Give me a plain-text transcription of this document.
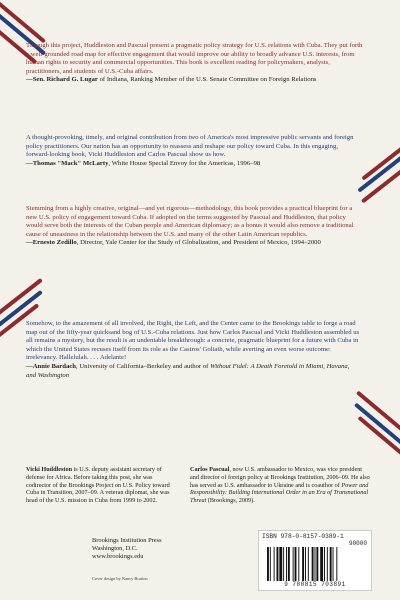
Through this project, Huddleston and Pascual present a pragmatic policy strategy for U.S. relations with Cuba. They put forth a well-grounded road map for effective engagement that would improve our ability to broadly advance U.S. interests, from human rights to security and commercial opportunities. This book is excellent reading for policymakers, analysts, practitioners, and students of U.S.-Cuba affairs.
—Sen. Richard G. Lugar of Indiana, Ranking Member of the U.S. Senate Committee on Foreign Relations
A thought-provoking, timely, and original contribution from two of America's most impressive public servants and foreign policy practitioners. Our nation has an opportunity to reassess and reshape our policy toward Cuba. In this engaging, forward-looking book, Vicki Huddleston and Carlos Pascual show us how.
—Thomas "Mack" McLarty, White House Special Envoy for the Americas, 1996–98
Stemming from a highly creative, original—and yet rigorous—methodology, this book provides a practical blueprint for a new U.S. policy of engagement toward Cuba. If adopted on the terms suggested by Pascual and Huddleston, that policy would serve both the interests of the Cuban people and American diplomacy; as a bonus it would also remove a traditional cause of uneasiness in the relationship between the U.S. and many of the other Latin American republics.
—Ernesto Zedillo, Director, Yale Center for the Study of Globalization, and President of Mexico, 1994–2000
Somehow, to the amazement of all involved, the Right, the Left, and the Center came to the Brookings table to forge a road map out of the fifty-year quicksand bog of U.S.-Cuba relations. Just how Carlos Pascual and Vicki Huddleston assembled us all remains a mystery, but the result is an undeniable breakthrough: a concrete, pragmatic blueprint for a future with Cuba in which the United States recuses itself from its role as the Castros' Goliath, while averting an even worse outcome: irrelevancy. Hallelulah. . . . Adelante!
—Annie Bardach, University of California–Berkeley and author of Without Fidel: A Death Foretold in Miami, Havana, and Washington
Vicki Huddleston is U.S. deputy assistant secretary of defense for Africa. Before taking this post, she was codirector of the Brookings Project on U.S. Policy toward Cuba in Transition, 2007–09. A veteran diplomat, she was head of the U.S. mission in Cuba from 1999 to 2002.
Carlos Pascual, now U.S. ambassador to Mexico, was vice president and director of foreign policy at Brookings Institution, 2006–09. He also has served as U.S. ambassador to Ukraine and is coauthor of Power and Responsibility: Building International Order in an Era of Transnational Threat (Brookings, 2009).
Brookings Institution Press
Washington, D.C.
www.brookings.edu
Cover design by Nancy Bratton
ISBN 978-0-8157-0389-1
90000
9 780815 703891
